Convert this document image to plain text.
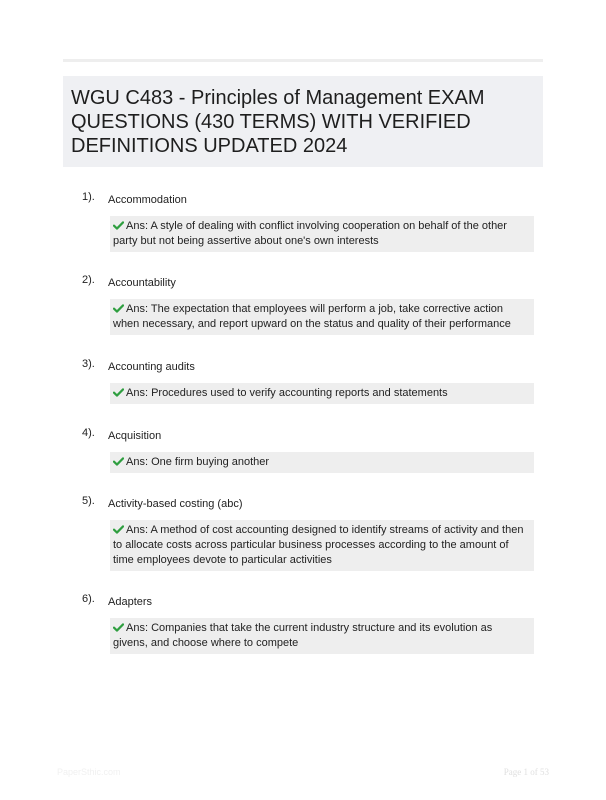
WGU C483 - Principles of Management EXAM QUESTIONS (430 TERMS) WITH VERIFIED DEFINITIONS UPDATED 2024
1). Accommodation
Ans: A style of dealing with conflict involving cooperation on behalf of the other party but not being assertive about one's own interests
2). Accountability
Ans: The expectation that employees will perform a job, take corrective action when necessary, and report upward on the status and quality of their performance
3). Accounting audits
Ans: Procedures used to verify accounting reports and statements
4). Acquisition
Ans: One firm buying another
5). Activity-based costing (abc)
Ans: A method of cost accounting designed to identify streams of activity and then to allocate costs across particular business processes according to the amount of time employees devote to particular activities
6). Adapters
Ans: Companies that take the current industry structure and its evolution as givens, and choose where to compete
PaperSthic.com	Page 1 of 53
